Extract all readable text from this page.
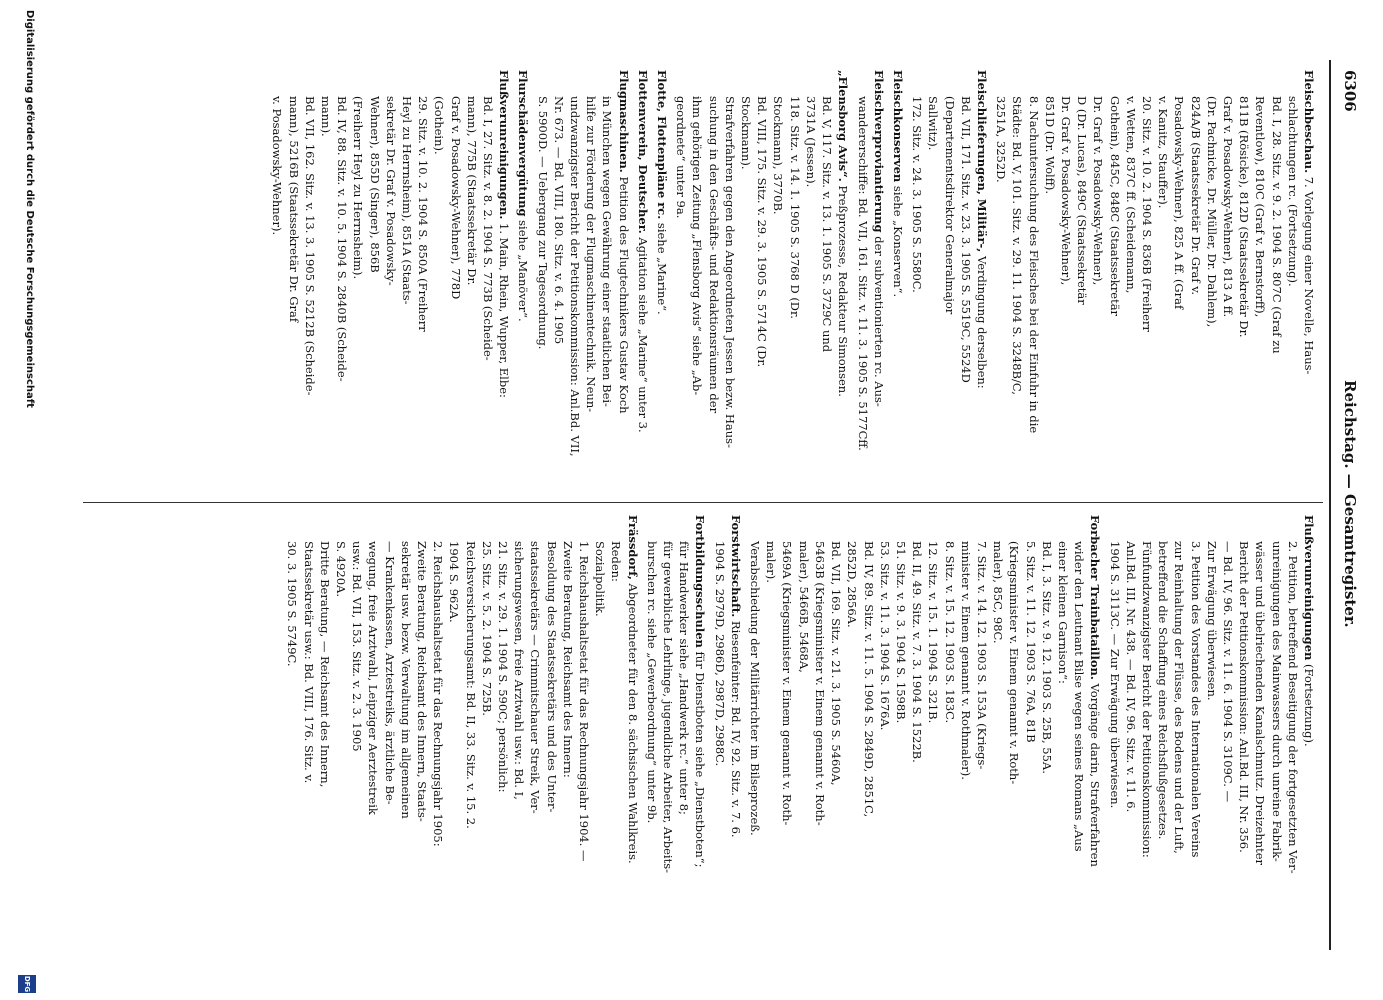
6306
Reichstag. — Gesamtregister.
Fleischbeschau. 7. Vorlegung einer Novelle, Haus-

schlachtungen rc. (Fortsetzung).

Bd. I, 28. Sitz. v. 9. 2. 1904 S. 807C (Graf zu

Reventlow), 810C (Graf v. Bernstorff),

811B (Rösicke), 812D (Staatssekretär Dr.

Graf v. Posadowsky-Wehner), 813 A ff.

(Dr. Pachnicke, Dr. Müller, Dr. Dahlem),

824A/B (Staatssekretär Dr. Graf v.

Posadowsky-Wehner), 825 A ff. (Graf

v. Kanitz, Stauffer).

20. Sitz. v. 10. 2. 1904 S. 836B (Freiherr

v. Wetten, 837C ff. (Scheidemann,

Gothein), 845C, 848C (Staatssekretär

Dr. Graf v. Posadowsky-Wehner),

D (Dr. Lucas), 849C (Staatssekretär

Dr. Graf v. Posadowsky-Wehner),

851D (Dr. Wolff).

8. Nachuntersuchung des Fleisches bei der Einfuhr in die

Städte: Bd. V, 101. Sitz. v. 29. 11. 1904 S. 3248B/C,

3251A, 3252D.

Fleischlieferungen, Militär-, Verdingung derselben:

Bd. VII, 171. Sitz. v. 23. 3. 1905 S. 5519C, 5524D

(Departementsdirektor Generalmajor

Sallwitz).

172. Sitz. v. 24. 3. 1905 S. 5580C.

Fleischkonserven siehe „Konserven“.
Fleischverproviantierung der subventionierten rc. Aus-

wandererschiffe: Bd. VII, 161. Sitz. v. 11. 3. 1905 S. 5177Cff.

„Flensborg Avis“. Preßprozesse, Redakteur Simonsen.

Bd. V, 117. Sitz. v. 13. 1. 1905 S. 3729C und

3731A (Jessen).

118. Sitz. v. 14. 1. 1905 S. 3768 D (Dr.

Stockmann), 3770B.

Bd. VIII, 175. Sitz. v. 29. 3. 1905 S. 5714C (Dr.

Stockmann).

Strafverfahren gegen den Angeordneten Jessen bezw. Haus-

suchung in den Geschäfts- und Redaktionsräumen der

ihm gehörigen Zeitung „Flensborg Avis“ siehe „Ab-

geordnete“ unter 9a.

Flotte, Flottenpläne rc. siehe „Marine“.
Flottenverein, Deutscher. Agitation siehe „Marine“ unter 3.
Flugmaschinen. Petition des Flugtechnikers Gustav Koch

in München wegen Gewährung einer staatlichen Bei-

hilfe zur Förderung der Flugmaschinentechnik. Neun-

undzwanzigster Bericht der Petitionskommission: Anl.Bd. VII,

Nr. 673. — Bd. VIII, 180. Sitz. v. 6. 4. 1905

S. 5900D. — Uebergang zur Tagesordnung.

Flurschädenvergütung siehe „Manöver“.
Flußverunreinigungen. 1. Main, Rhein, Wupper, Elbe:

Bd. I, 27. Sitz. v. 8. 2. 1904 S. 773B (Scheide-

mann), 775B (Staatssekretär Dr.

Graf v. Posadowsky-Wehner), 778D

(Gothein).

29. Sitz. v. 10. 2. 1904 S. 850A (Freiherr

Heyl zu Herrnsheim), 851A (Staats-

sekretär Dr. Graf v. Posadowsky-

Wehner), 855D (Singer), 856B

(Freiherr Heyl zu Herrnsheim).

Bd. IV, 88. Sitz. v. 10. 5. 1904 S. 2840B (Scheide-

mann).

Bd. VII, 162. Sitz. v. 13. 3. 1905 S. 5212B (Scheide-

mann), 5216B (Staatssekretär Dr. Graf

v. Posadowsky-Wehner).

Flußverunreinigungen (Fortsetzung).

2. Petition, betreffend Beseitigung der fortgesetzten Ver-

unreinigungen des Mainwassers durch unreine Fabrik-

wässer und übelriechenden Kanalschmutz. Dreizehnter

Bericht der Petitionskommission: Anl.Bd. III, Nr. 356.

— Bd. IV, 96. Sitz. v. 11. 6. 1904 S. 3109C. —

Zur Erwägung überwiesen.

3. Petition des Vorstandes des Internationalen Vereins

zur Reinhaltung der Flüsse, des Bodens und der Luft,

betreffend die Schaffung eines Reichsflußgesetzes.

Fünfundzwanzigster Bericht der Petitionskommission:

Anl.Bd. III, Nr. 438. — Bd. IV, 96. Sitz. v. 11. 6.

1904 S. 3113C. — Zur Erwägung überwiesen.

Forbacher Trainbataillon. Vorgänge darin, Strafverfahren

wider den Leutnant Bilse wegen seines Romans „Aus

einer kleinen Garnison“:

Bd. I, 3. Sitz. v. 9. 12. 1903 S. 25B, 55A.

5. Sitz. v. 11. 12. 1903 S. 76A, 81B

(Kriegsminister v. Einem genannt v. Roth-

maler), 85C, 98C.

7. Sitz. v. 14. 12. 1903 S. 153A (Kriegs-

minister v. Einem genannt v. Rothmaler).

8. Sitz. v. 15. 12. 1903 S. 183C.

12. Sitz. v. 15. 1. 1904 S. 321B.

Bd. II, 49. Sitz. v. 7. 3. 1904 S. 1522B.

51. Sitz. v. 9. 3. 1904 S. 1598B.

53. Sitz. v. 11. 3. 1904 S. 1676A.

Bd. IV, 89. Sitz. v. 11. 5. 1904 S. 2849D, 2851C,

2852D, 2856A.

Bd. VII, 169. Sitz. v. 21. 3. 1905 S. 5460A,

5463B (Kriegsminister v. Einem genannt v. Roth-

maler), 5466B, 5468A,

5469A (Kriegsminister v. Einem genannt v. Roth-

maler).

Verabschiedung der Militärrichter im Bilseprozeß.

Forstwirtschaft. Riesenfeinter: Bd. IV, 92. Sitz. v. 7. 6.

1904 S. 2979D, 2986D, 2987D, 2988C.

Fortbildungsschulen für Dienstboten siehe „Dienstboten“;

für Handwerker siehe „Handwerk rc.“ unter 8;

für gewerbliche Lehrlinge, jugendliche Arbeiter, Arbeits-

burschen rc. siehe „Gewerbeordnung“ unter 9b.

Frässdorf, Abgeordneter für den 8. sächsischen Wahlkreis.

Reden:

Sozialpolitik.

1. Reichshaushaltsetat für das Rechnungsjahr 1904. —

Zweite Beratung, Reichsamt des Innern:

Besoldung des Staatssekretärs und des Unter-

staatssekretärs — Crimmitschauer Streik, Ver-

sicherungswesen, freie Arztwahl usw.: Bd. I,

21. Sitz. v. 29. 1. 1904 S. 590C; persönlich:

25. Sitz. v. 5. 2. 1904 S. 725B.

Reichsversicherungsamt: Bd. II, 33. Sitz. v. 15. 2.

1904 S. 962A.

2. Reichshaushaltsetat für das Rechnungsjahr 1905:

Zweite Beratung, Reichsamt des Innern, Staats-

sekretär usw. bezw. Verwaltung im allgemeinen

— Krankenkassen, Arztestreiks, ärztliche Be-

wegung, freie Arztwahl, Leipziger Aerztestreik

usw.: Bd. VII, 153. Sitz. v. 2. 3. 1905

S. 4920A.

Dritte Beratung, — Reichsamt des Innern,

Staatssekretär usw.: Bd. VIII, 176. Sitz. v.

30. 3. 1905 S. 5749C.

Digitalisierung gefördert durch die Deutsche Forschungsgemeinschaft
DFG
